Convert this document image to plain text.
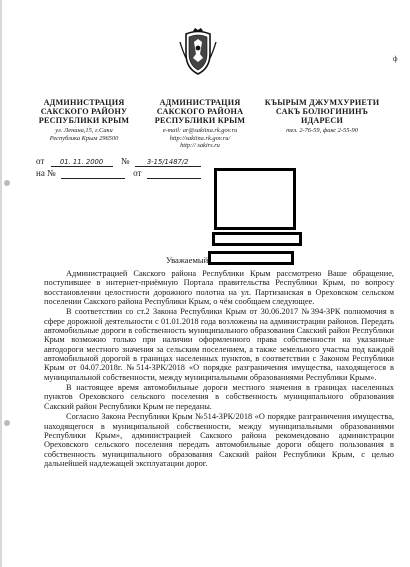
АДМИНИСТРАЦИЯ
САКСКОГО РАЙОНУ
РЕСПУБЛИКИ КРЫМ
ул. Ленина,15, г.Саки
Республика Крым 296500
АДМИНИСТРАЦИЯ
САКСКОГО РАЙОНА
РЕСПУБЛИКИ КРЫМ
e-mail: ar@sakiina.rk.gov.ru
http://sakiina.rk.gov.ru/
http:// sakirs.ru
КЪЫРЫМ ДЖУМХУРИЕТИ
САКЪ БОЛЮГИНИНЪ
ИДАРЕСИ
тел. 2-76-59, факс 2-55-90
ф
от 01. 11. 2000 №	3-15/1487/2
на №	от
Уважаемый

Администрацией Сакского района Республики Крым рассмотрено Ваше обращение, поступившее в интернет-приёмную Портала правительства Республики Крым, по вопросу восстановлении целостности дорожного полотна на ул. Партизанская в Ореховском сельском поселении Сакского района Республики Крым, о чём сообщаем следующее.

В соответствии со ст.2 Закона Республики Крым от 30.06.2017 №394-ЗРК полномочия в сфере дорожной деятельности с 01.01.2018 года возложены на администрации районов. Передать автомобильные дороги в собственность муниципального образования Сакский район Республики Крым возможно только при наличии оформленного права собственности на указанные автодороги местного значения за сельским поселением, а также земельного участка под каждой автомобильной дорогой в границах населенных пунктов, в соответствии с Законом Республики Крым от 04.07.2018г. №514-ЗРК/2018 «О порядке разграничения имущества, находящегося в муниципальной собственности, между муниципальными образованиями Республики Крым».

В настоящее время автомобильные дороги местного значения в границах населенных пунктов Ореховского сельского поселения в собственность муниципального образования Сакский район Республики Крым не переданы.

Согласно Закона Республики Крым №514-ЗРК/2018 «О порядке разграничения имущества, находящегося в муниципальной собственности, между муниципальными образованиями Республики Крым», администрацией Сакского района рекомендовано администрации Ореховского сельского поселения передать автомобильные дороги общего пользования в собственность муниципального образования Сакский район Республики Крым, с целью дальнейшей надлежащей эксплуатации дорог.
